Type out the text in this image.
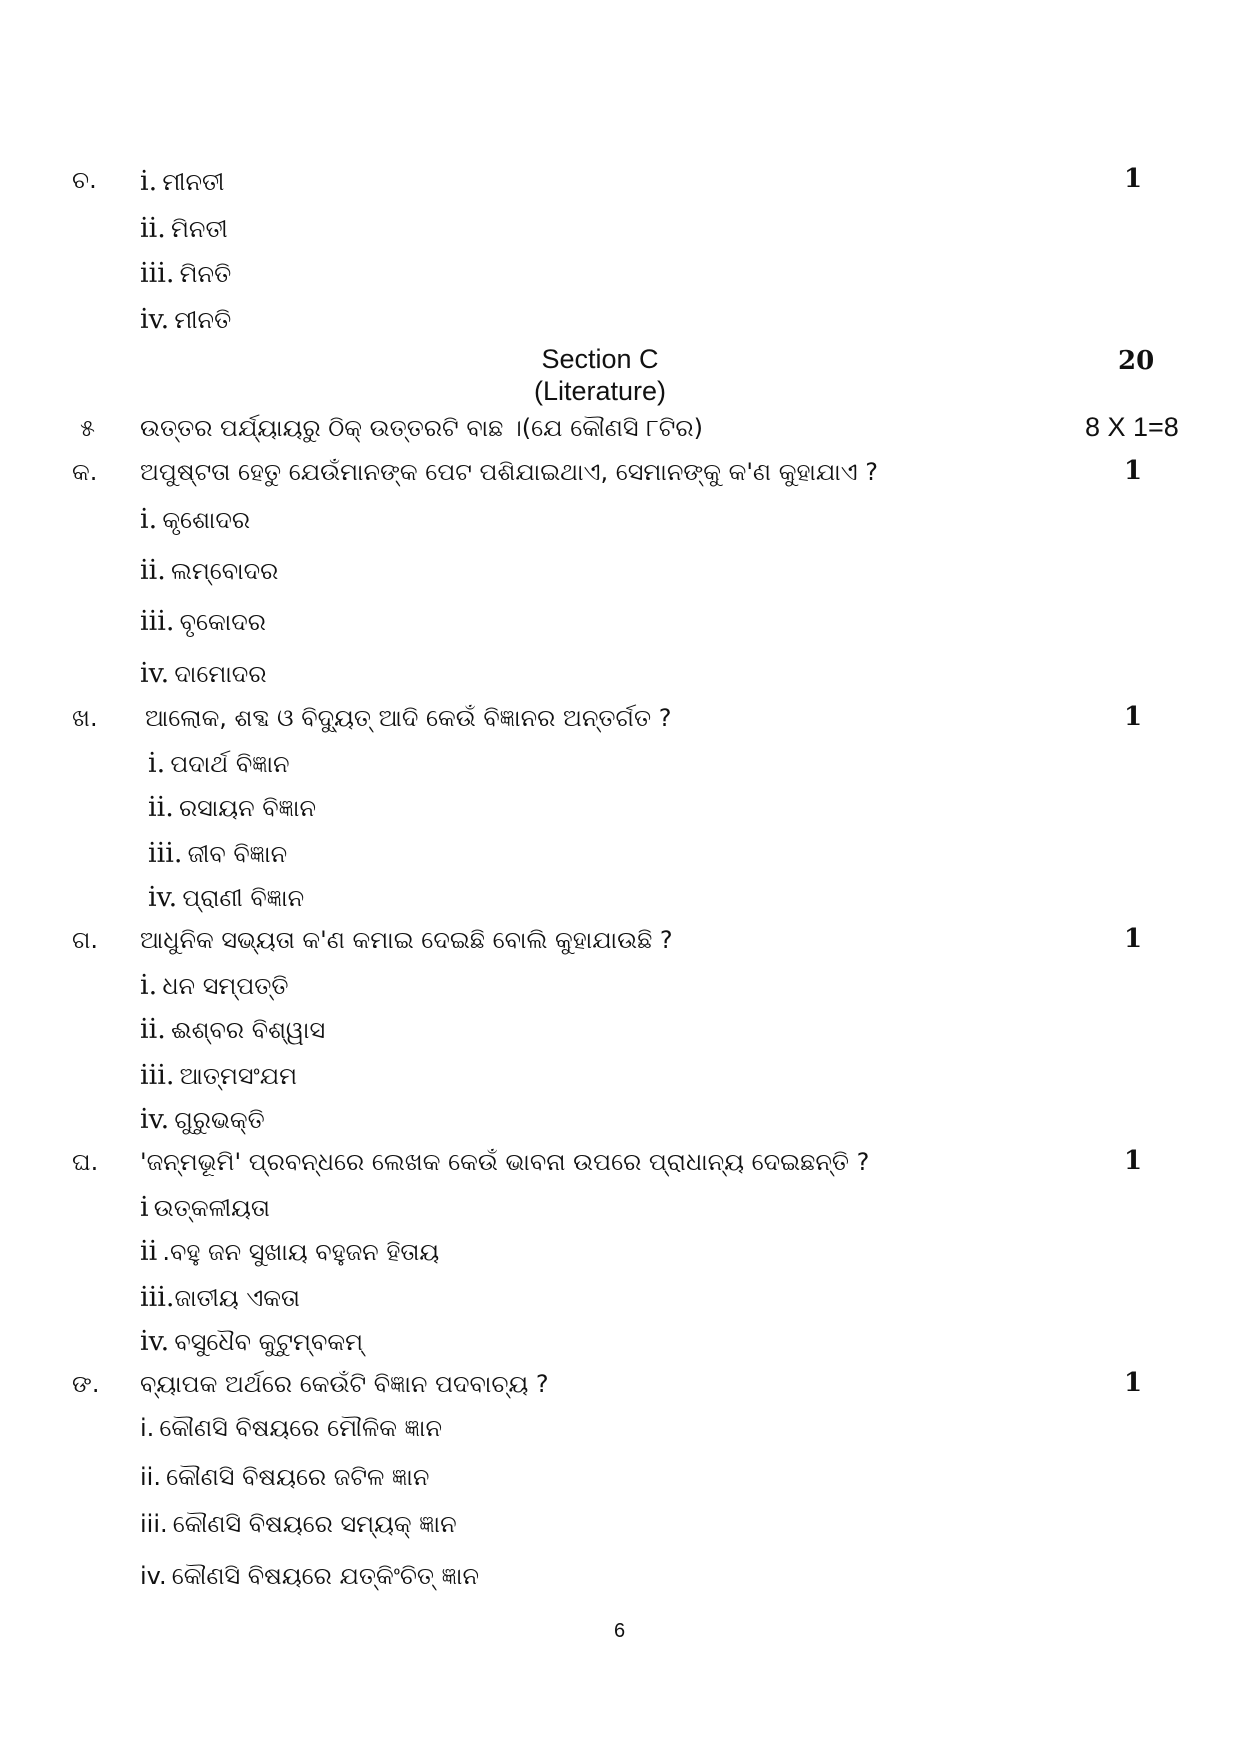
ଚ.	1
i. ମୀନତୀ
ii. ମିନତୀ
iii. ମିନତି
iv. ମୀନତି
Section C
(Literature)
20
୫ ଉତ୍ତର ପର୍ଯ୍ୟାୟରୁ ଠିକ୍ ଉତ୍ତରଟି ବାଛ ।(ଯେ କୌଣସି ୮ଟିର)	8 X 1=8
କ. ଅପୁଷ୍ଟତା ହେତୁ ଯେଉଁମାନଙ୍କ ପେଟ ପଶିଯାଇଥାଏ, ସେମାନଙ୍କୁ କ'ଣ କୁହାଯାଏ ?	1
i. କୃଶୋଦର
ii. ଲମ୍ବୋଦର
iii. ବୃକୋଦର
iv. ଦାମୋଦର
ଖ. ଆଲୋକ, ଶବ୍ଦ ଓ ବିଦ୍ୟୁତ୍ ଆଦି କେଉଁ ବିଜ୍ଞାନର ଅନ୍ତର୍ଗତ ?	1
i. ପଦାର୍ଥ ବିଜ୍ଞାନ
ii. ରସାୟନ ବିଜ୍ଞାନ
iii. ଜୀବ ବିଜ୍ଞାନ
iv. ପ୍ରାଣୀ ବିଜ୍ଞାନ
ଗ. ଆଧୁନିକ ସଭ୍ୟତା କ'ଣ କମାଇ ଦେଇଛି ବୋଲି କୁହାଯାଉଛି ?	1
i. ଧନ ସମ୍ପତ୍ତି
ii. ଈଶ୍ବର ବିଶ୍ୱାସ
iii. ଆତ୍ମସଂଯମ
iv. ଗୁରୁଭକ୍ତି
ଘ. 'ଜନ୍ମଭୂମି' ପ୍ରବନ୍ଧରେ ଲେଖକ କେଉଁ ଭାବନା ଉପରେ ପ୍ରାଧାନ୍ୟ ଦେଇଛନ୍ତି ?	1
i ଉତ୍କଳୀୟତା
ii .ବହୁ ଜନ ସୁଖାୟ ବହୁଜନ ହିତାୟ
iii.ଜାତୀୟ ଏକତା
iv. ବସୁଧୈବ କୁଟୁମ୍ବକମ୍
ଙ. ବ୍ୟାପକ ଅର୍ଥରେ କେଉଁଟି ବିଜ୍ଞାନ ପଦବାଚ୍ୟ ?	1
i. କୌଣସି ବିଷୟରେ ମୌଳିକ ଜ୍ଞାନ
ii. କୌଣସି ବିଷୟରେ ଜଟିଳ ଜ୍ଞାନ
iii. କୌଣସି ବିଷୟରେ ସମ୍ୟକ୍ ଜ୍ଞାନ
iv. କୌଣସି ବିଷୟରେ ଯତ୍କିଂଚିତ୍ ଜ୍ଞାନ
6
